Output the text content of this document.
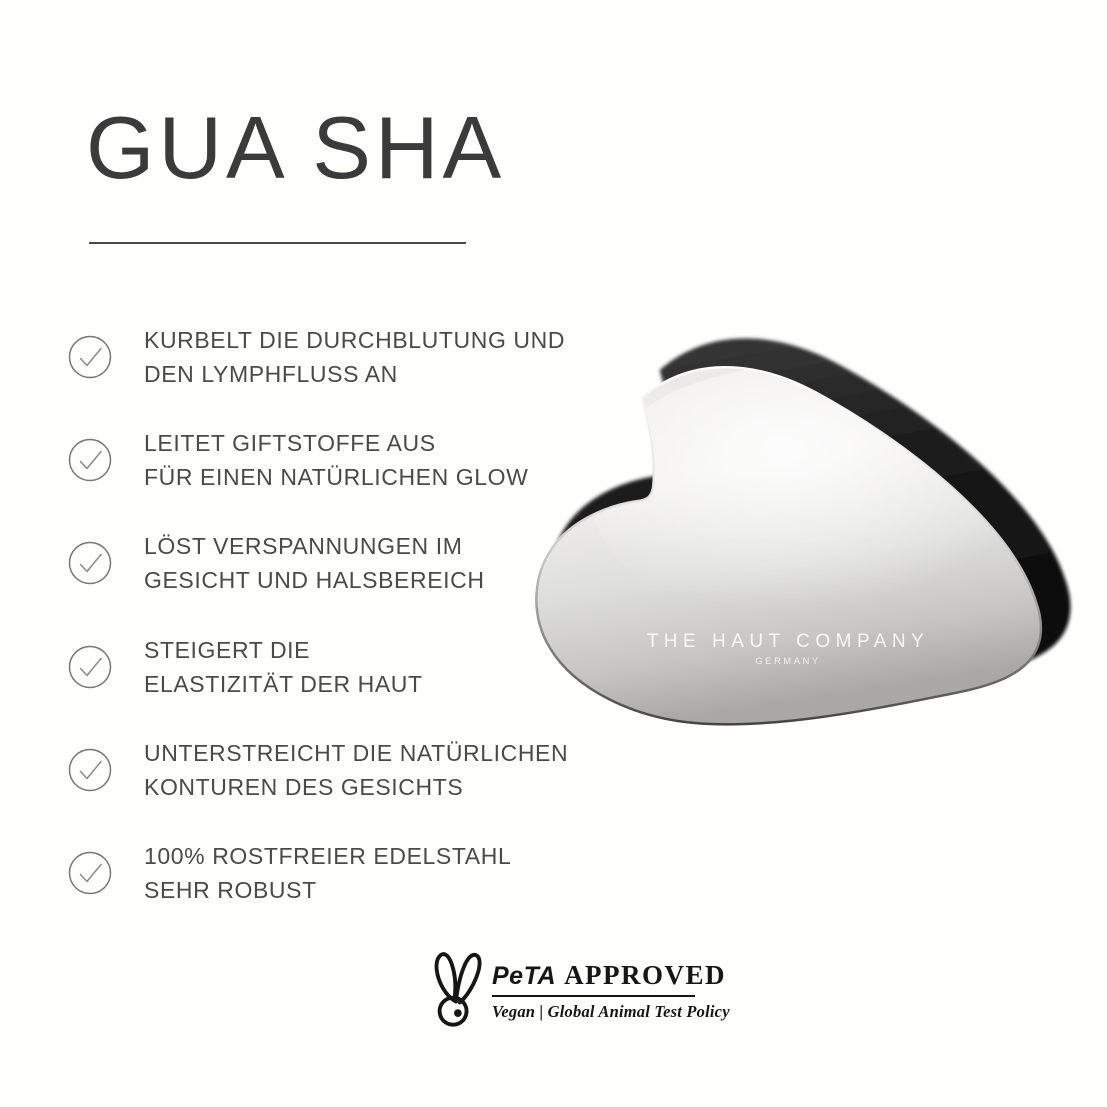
GUA SHA

KURBELT DIE DURCHBLUTUNG UND
DEN LYMPHFLUSS AN

LEITET GIFTSTOFFE AUS
FÜR EINEN NATÜRLICHEN GLOW

LÖST VERSPANNUNGEN IM
GESICHT UND HALSBEREICH

STEIGERT DIE
ELASTIZITÄT DER HAUT

UNTERSTREICHT DIE NATÜRLICHEN
KONTUREN DES GESICHTS

100% ROSTFREIER EDELSTAHL
SEHR ROBUST

THE HAUT COMPANY
GERMANY
PeTA APPROVED
Vegan | Global Animal Test Policy
